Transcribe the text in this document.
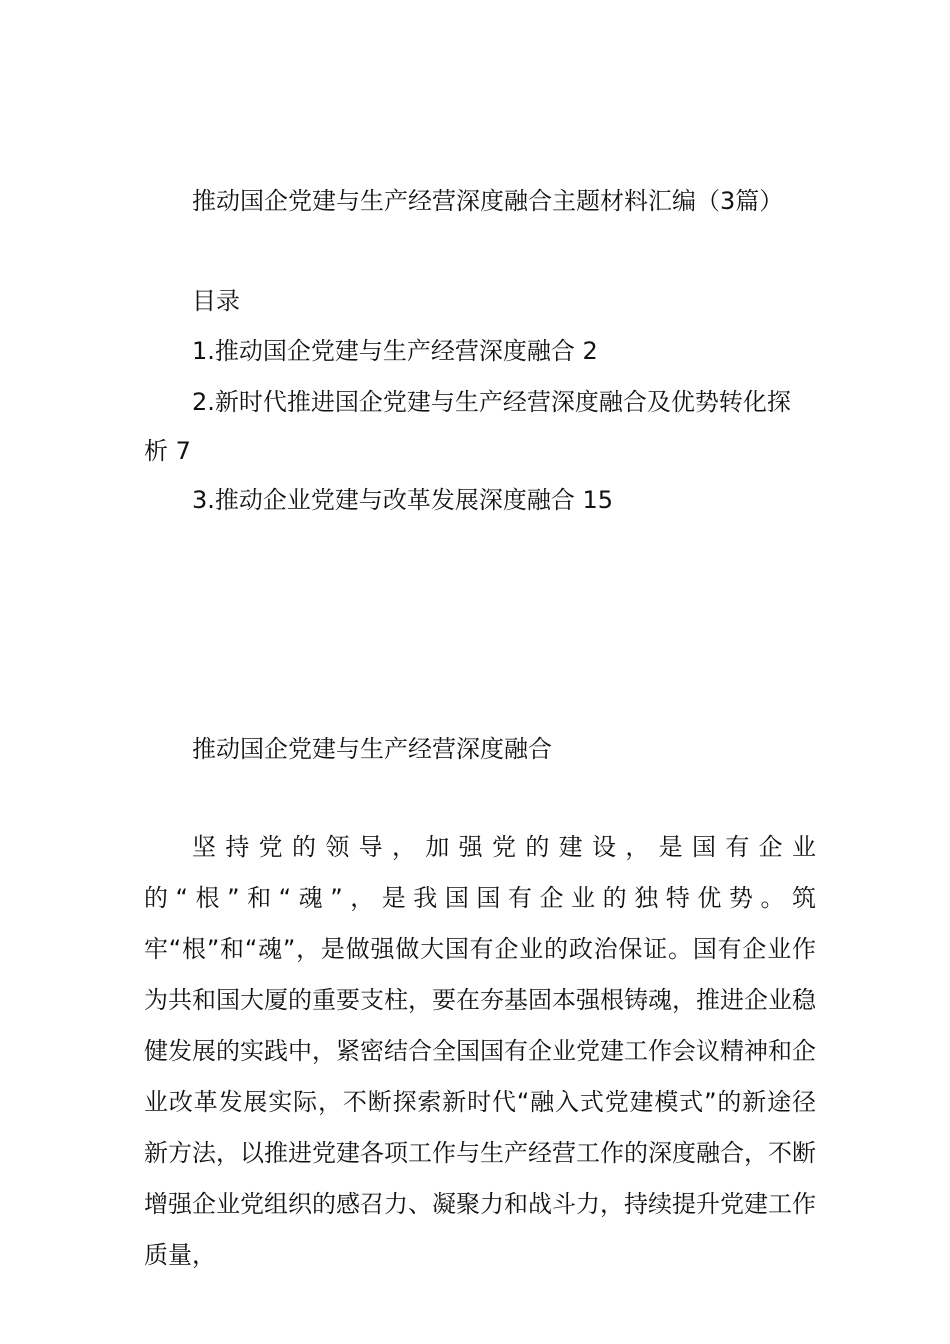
推动国企党建与生产经营深度融合主题材料汇编（3篇）
目录
1.推动国企党建与生产经营深度融合 2
2.新时代推进国企党建与生产经营深度融合及优势转化探
析 7
3.推动企业党建与改革发展深度融合 15
推动国企党建与生产经营深度融合
坚持党的领导，加强党的建设，是国有企业的“根”和“魂”，是我国国有企业的独特优势。筑牢“根”和“魂”，是做强做大国有企业的政治保证。国有企业作为共和国大厦的重要支柱，要在夯基固本强根铸魂，推进企业稳健发展的实践中，紧密结合全国国有企业党建工作会议精神和企业改革发展实际，不断探索新时代“融入式党建模式”的新途径新方法，以推进党建各项工作与生产经营工作的深度融合，不断增强企业党组织的感召力、凝聚力和战斗力，持续提升党建工作质量，
